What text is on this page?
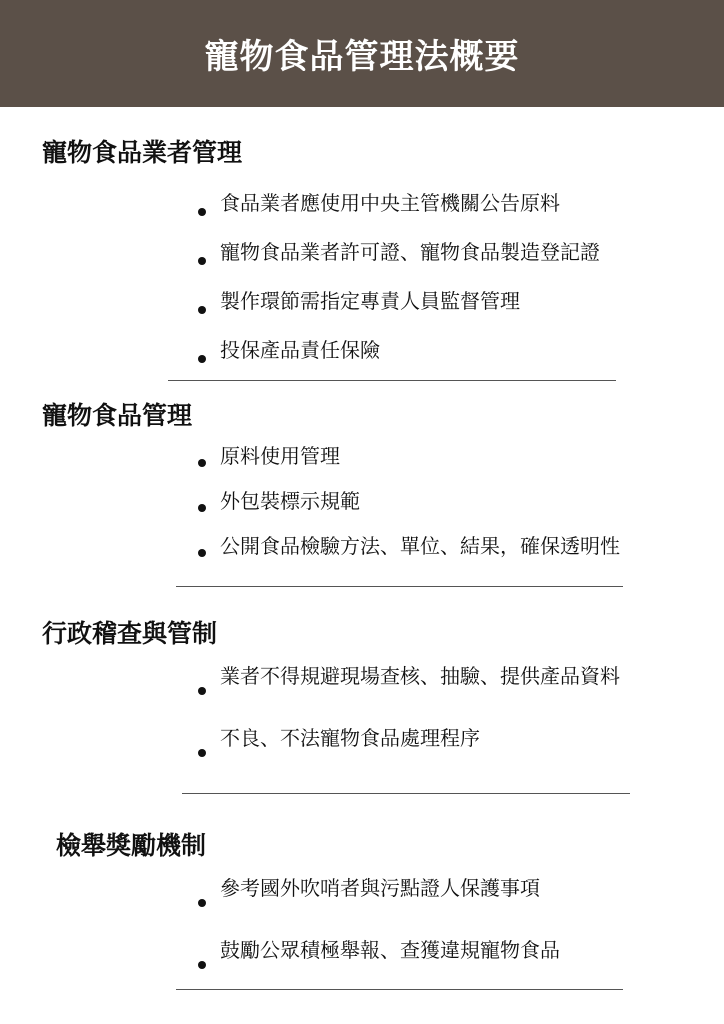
寵物食品管理法概要
寵物食品業者管理
食品業者應使用中央主管機關公告原料
寵物食品業者許可證、寵物食品製造登記證
製作環節需指定專責人員監督管理
投保產品責任保險
寵物食品管理
原料使用管理
外包裝標示規範
公開食品檢驗方法、單位、結果，確保透明性
行政稽查與管制
業者不得規避現場查核、抽驗、提供產品資料
不良、不法寵物食品處理程序
檢舉獎勵機制
參考國外吹哨者與污點證人保護事項
鼓勵公眾積極舉報、查獲違規寵物食品
